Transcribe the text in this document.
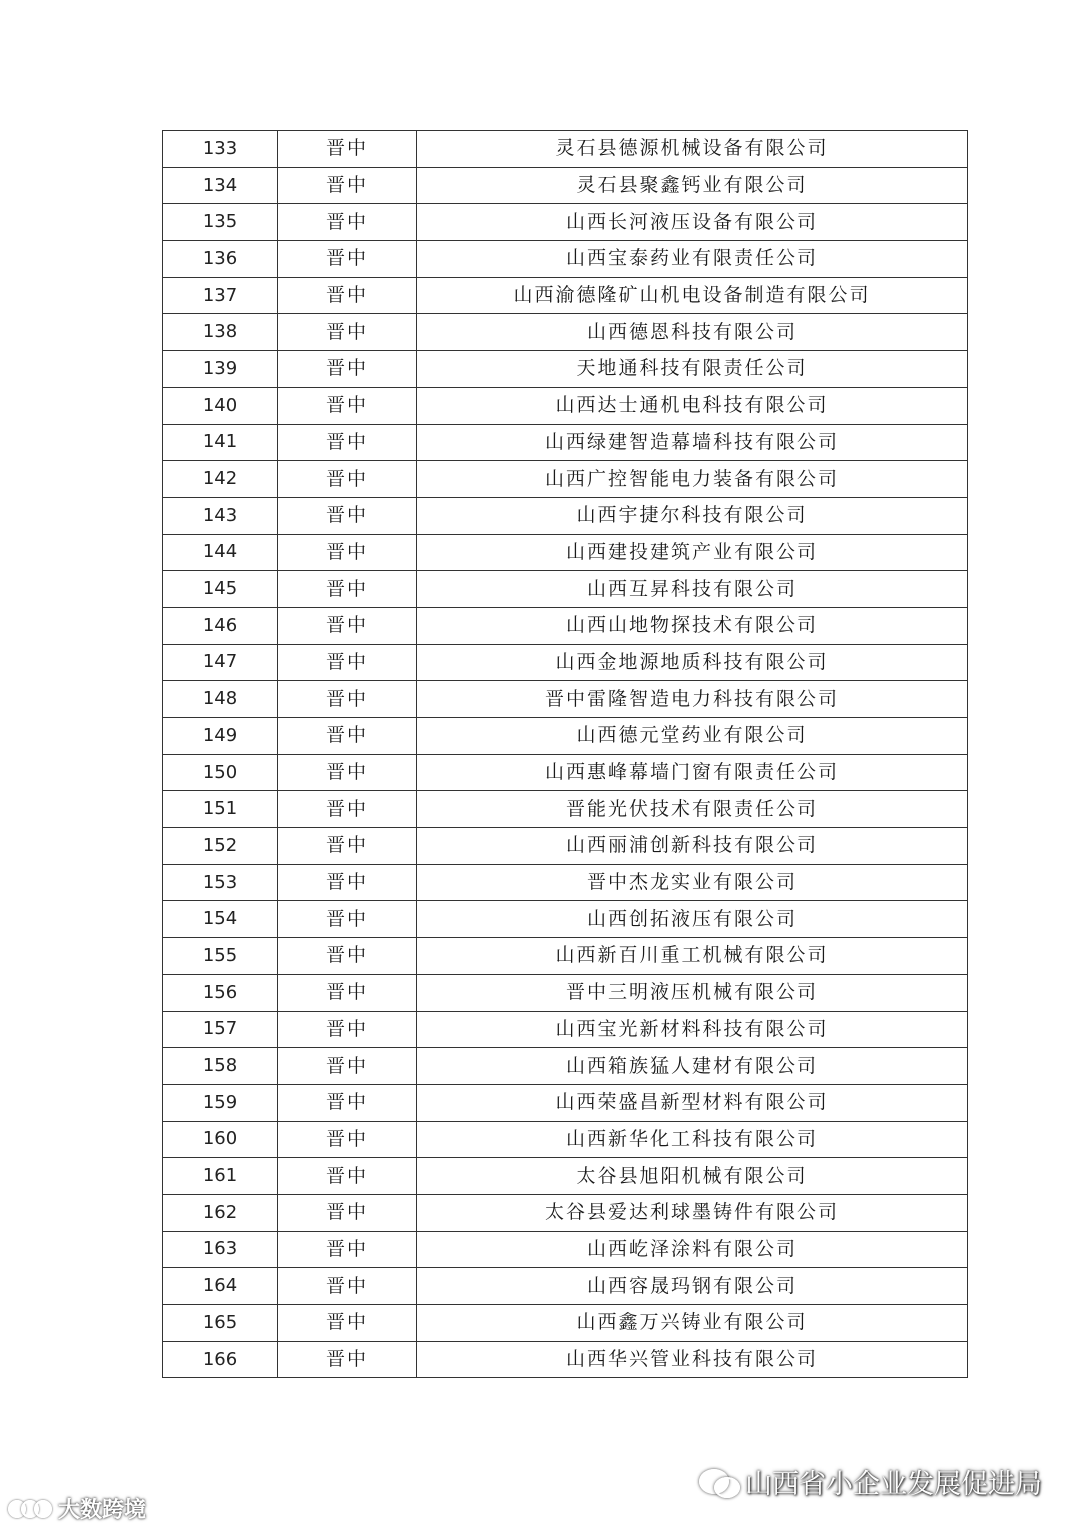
133	晋中	灵石县德源机械设备有限公司
134	晋中	灵石县聚鑫钙业有限公司
135	晋中	山西长河液压设备有限公司
136	晋中	山西宝泰药业有限责任公司
137	晋中	山西渝德隆矿山机电设备制造有限公司
138	晋中	山西德恩科技有限公司
139	晋中	天地通科技有限责任公司
140	晋中	山西达士通机电科技有限公司
141	晋中	山西绿建智造幕墙科技有限公司
142	晋中	山西广控智能电力装备有限公司
143	晋中	山西宇捷尔科技有限公司
144	晋中	山西建投建筑产业有限公司
145	晋中	山西互昇科技有限公司
146	晋中	山西山地物探技术有限公司
147	晋中	山西金地源地质科技有限公司
148	晋中	晋中雷隆智造电力科技有限公司
149	晋中	山西德元堂药业有限公司
150	晋中	山西惠峰幕墙门窗有限责任公司
151	晋中	晋能光伏技术有限责任公司
152	晋中	山西丽浦创新科技有限公司
153	晋中	晋中杰龙实业有限公司
154	晋中	山西创拓液压有限公司
155	晋中	山西新百川重工机械有限公司
156	晋中	晋中三明液压机械有限公司
157	晋中	山西宝光新材料科技有限公司
158	晋中	山西箱族猛人建材有限公司
159	晋中	山西荣盛昌新型材料有限公司
160	晋中	山西新华化工科技有限公司
161	晋中	太谷县旭阳机械有限公司
162	晋中	太谷县爱达利球墨铸件有限公司
163	晋中	山西屹泽涂料有限公司
164	晋中	山西容晟玛钢有限公司
165	晋中	山西鑫万兴铸业有限公司
166	晋中	山西华兴管业科技有限公司
山西省小企业发展促进局
大数跨境
